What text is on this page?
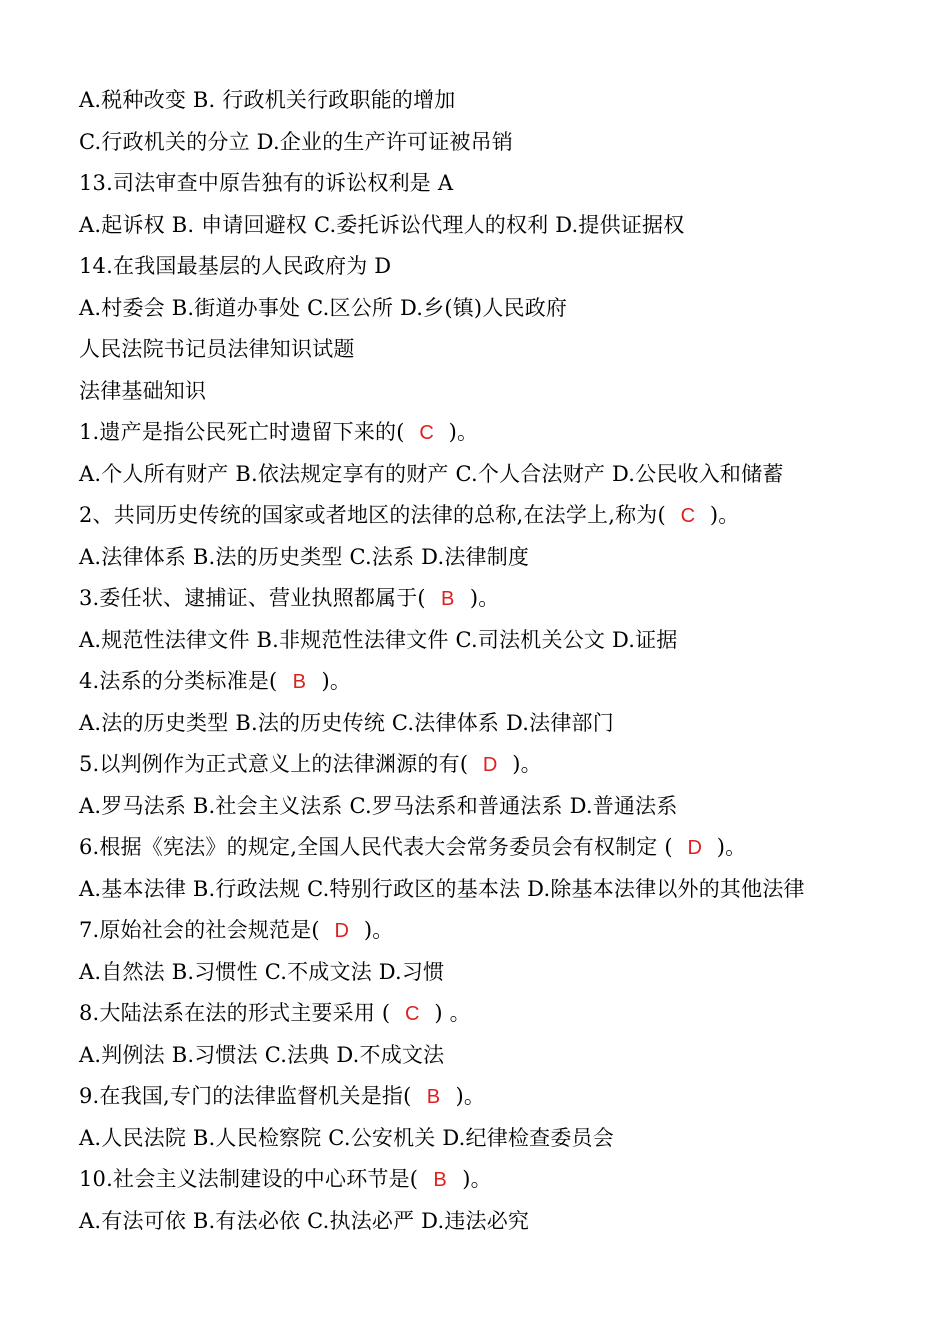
A.税种改变 B. 行政机关行政职能的增加
C.行政机关的分立 D.企业的生产许可证被吊销
13.司法审查中原告独有的诉讼权利是 A
A.起诉权 B. 申请回避权 C.委托诉讼代理人的权利 D.提供证据权
14.在我国最基层的人民政府为 D
A.村委会 B.街道办事处 C.区公所 D.乡(镇)人民政府
人民法院书记员法律知识试题
法律基础知识
1.遗产是指公民死亡时遗留下来的( C )。
A.个人所有财产 B.依法规定享有的财产 C.个人合法财产 D.公民收入和储蓄
2、共同历史传统的国家或者地区的法律的总称,在法学上,称为( C )。
A.法律体系 B.法的历史类型 C.法系 D.法律制度
3.委任状、逮捕证、营业执照都属于( B )。
A.规范性法律文件 B.非规范性法律文件 C.司法机关公文 D.证据
4.法系的分类标准是( B )。
A.法的历史类型 B.法的历史传统 C.法律体系 D.法律部门
5.以判例作为正式意义上的法律渊源的有( D )。
A.罗马法系 B.社会主义法系 C.罗马法系和普通法系 D.普通法系
6.根据《宪法》的规定,全国人民代表大会常务委员会有权制定 ( D )。
A.基本法律 B.行政法规 C.特别行政区的基本法 D.除基本法律以外的其他法律
7.原始社会的社会规范是( D )。
A.自然法 B.习惯性 C.不成文法 D.习惯
8.大陆法系在法的形式主要采用 ( C ) 。
A.判例法 B.习惯法 C.法典 D.不成文法
9.在我国,专门的法律监督机关是指( B )。
A.人民法院 B.人民检察院 C.公安机关 D.纪律检查委员会
10.社会主义法制建设的中心环节是( B )。
A.有法可依 B.有法必依 C.执法必严 D.违法必究
